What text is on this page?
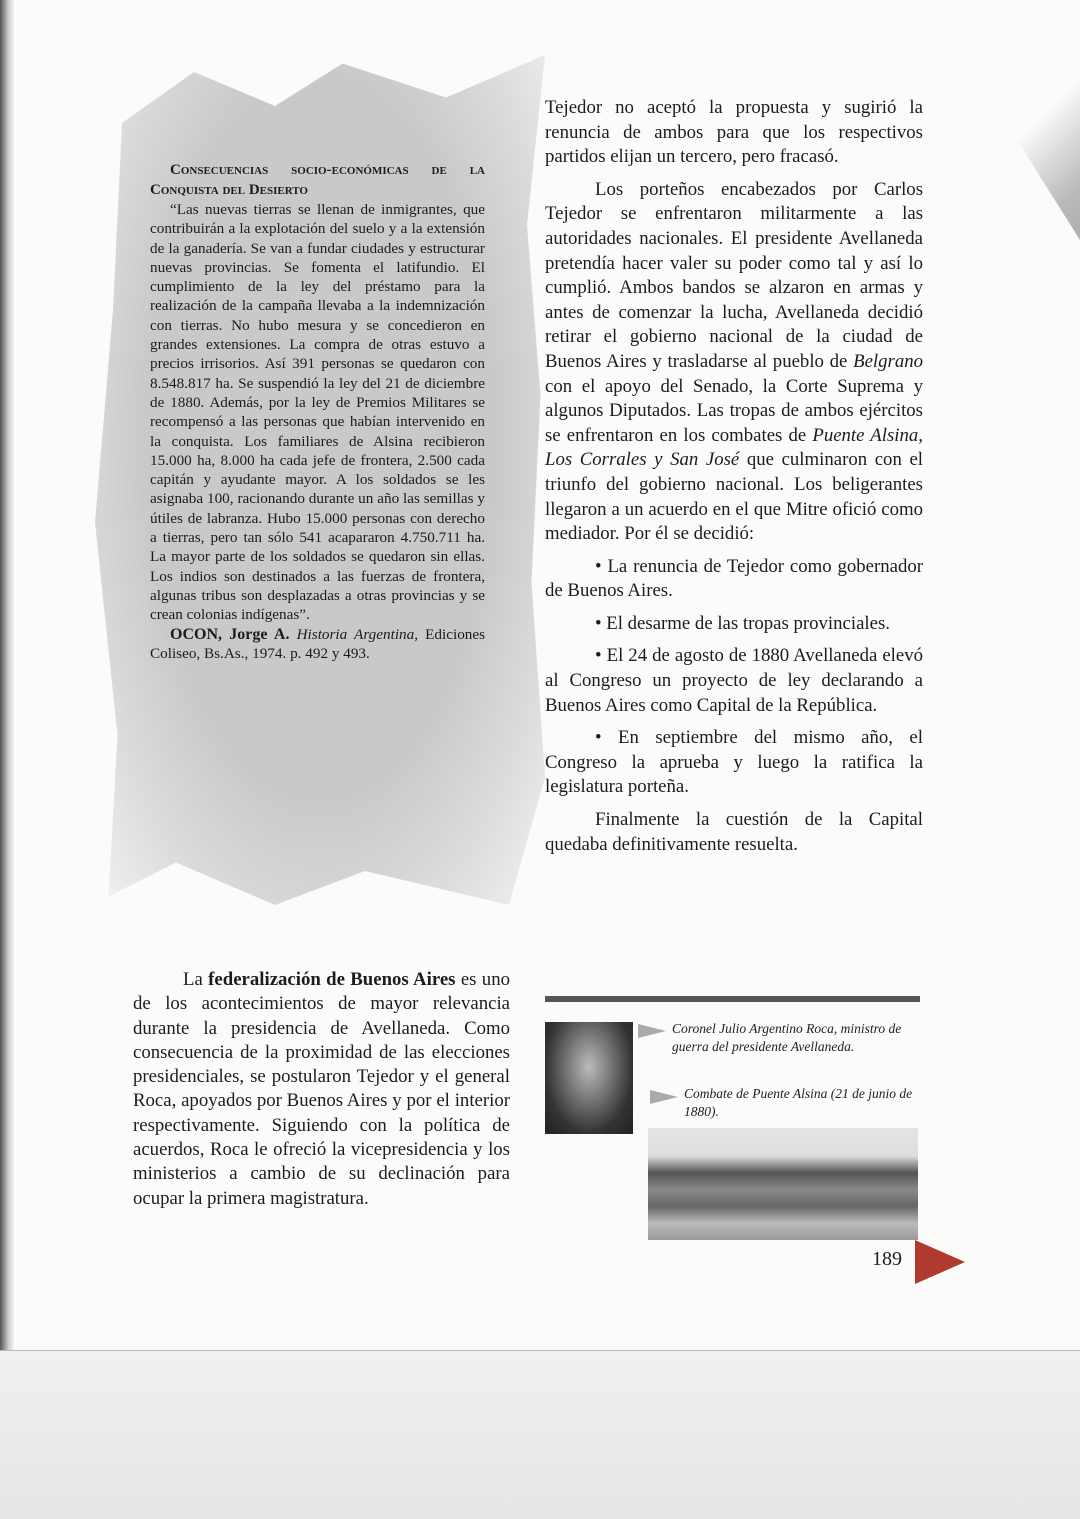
Consecuencias socio-económicas de la Conquista del Desierto

“Las nuevas tierras se llenan de inmigrantes, que contribuirán a la explotación del suelo y a la extensión de la ganadería. Se van a fundar ciudades y estructurar nuevas provincias. Se fomenta el latifundio. El cumplimiento de la ley del préstamo para la realización de la campaña llevaba a la indemnización con tierras. No hubo mesura y se concedieron en grandes extensiones. La compra de otras estuvo a precios irrisorios. Así 391 personas se quedaron con 8.548.817 ha. Se suspendió la ley del 21 de diciembre de 1880. Además, por la ley de Premios Militares se recompensó a las personas que habían intervenido en la conquista. Los familiares de Alsina recibieron 15.000 ha, 8.000 ha cada jefe de frontera, 2.500 cada capitán y ayudante mayor. A los soldados se les asignaba 100, racionando durante un año las semillas y útiles de labranza. Hubo 15.000 personas con derecho a tierras, pero tan sólo 541 acapararon 4.750.711 ha. La mayor parte de los soldados se quedaron sin ellas. Los indios son destinados a las fuerzas de frontera, algunas tribus son desplazadas a otras provincias y se crean colonias indígenas”.

OCON, Jorge A. Historia Argentina, Ediciones Coliseo, Bs.As., 1974. p. 492 y 493.

Tejedor no aceptó la propuesta y sugirió la renuncia de ambos para que los respectivos partidos elijan un tercero, pero fracasó.

Los porteños encabezados por Carlos Tejedor se enfrentaron militarmente a las autoridades nacionales. El presidente Avellaneda pretendía hacer valer su poder como tal y así lo cumplió. Ambos bandos se alzaron en armas y antes de comenzar la lucha, Avellaneda decidió retirar el gobierno nacional de la ciudad de Buenos Aires y trasladarse al pueblo de Belgrano con el apoyo del Senado, la Corte Suprema y algunos Diputados. Las tropas de ambos ejércitos se enfrentaron en los combates de Puente Alsina, Los Corrales y San José que culminaron con el triunfo del gobierno nacional. Los beligerantes llegaron a un acuerdo en el que Mitre ofició como mediador. Por él se decidió:

• La renuncia de Tejedor como gobernador de Buenos Aires.

• El desarme de las tropas provinciales.

• El 24 de agosto de 1880 Avellaneda elevó al Congreso un proyecto de ley declarando a Buenos Aires como Capital de la República.

• En septiembre del mismo año, el Congreso la aprueba y luego la ratifica la legislatura porteña.

Finalmente la cuestión de la Capital quedaba definitivamente resuelta.

La federalización de Buenos Aires es uno de los acontecimientos de mayor relevancia durante la presidencia de Avellaneda. Como consecuencia de la proximidad de las elecciones presidenciales, se postularon Tejedor y el general Roca, apoyados por Buenos Aires y por el interior respectivamente. Siguiendo con la política de acuerdos, Roca le ofreció la vicepresidencia y los ministerios a cambio de su declinación para ocupar la primera magistratura.

Coronel Julio Argentino Roca, ministro de guerra del presidente Avellaneda.
Combate de Puente Alsina (21 de junio de 1880).
189
